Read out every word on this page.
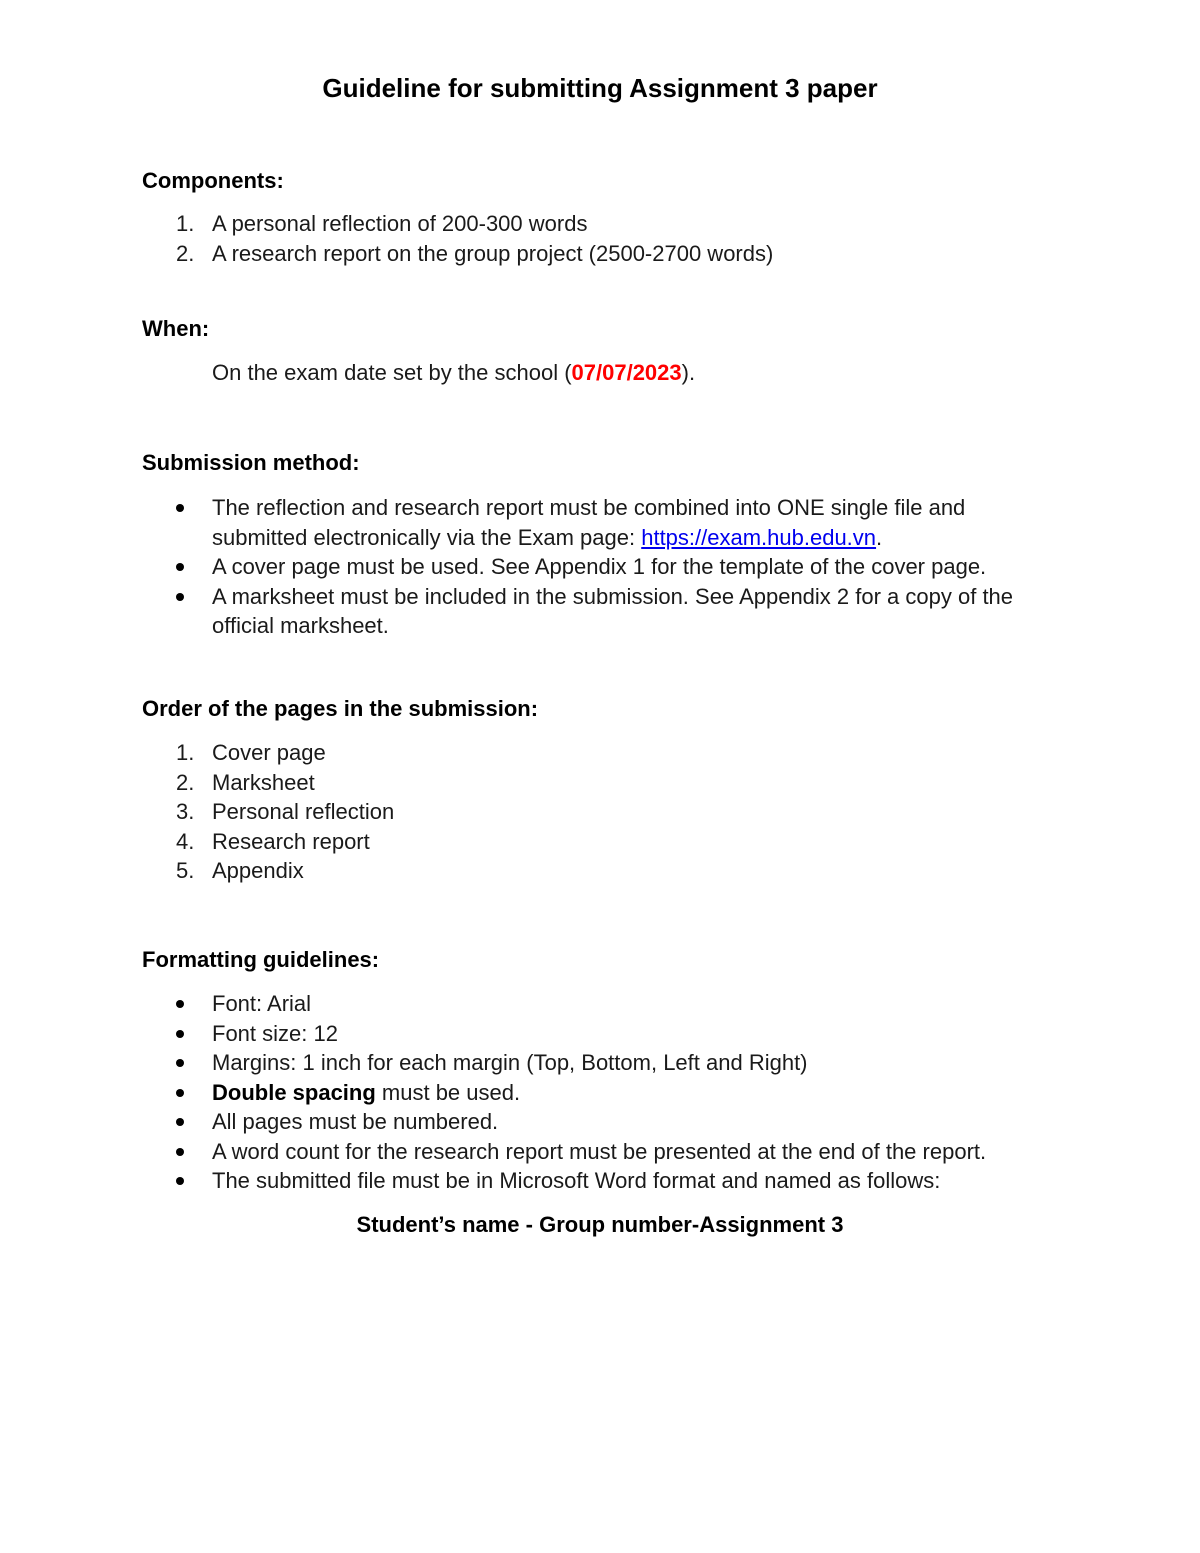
Guideline for submitting Assignment 3 paper
Components:
1. A personal reflection of 200-300 words
2. A research report on the group project (2500-2700 words)
When:
On the exam date set by the school (07/07/2023).
Submission method:
The reflection and research report must be combined into ONE single file and submitted electronically via the Exam page: https://exam.hub.edu.vn.
A cover page must be used. See Appendix 1 for the template of the cover page.
A marksheet must be included in the submission. See Appendix 2 for a copy of the official marksheet.
Order of the pages in the submission:
1. Cover page
2. Marksheet
3. Personal reflection
4. Research report
5. Appendix
Formatting guidelines:
Font: Arial
Font size: 12
Margins: 1 inch for each margin (Top, Bottom, Left and Right)
Double spacing must be used.
All pages must be numbered.
A word count for the research report must be presented at the end of the report.
The submitted file must be in Microsoft Word format and named as follows:
Student’s name - Group number-Assignment 3
